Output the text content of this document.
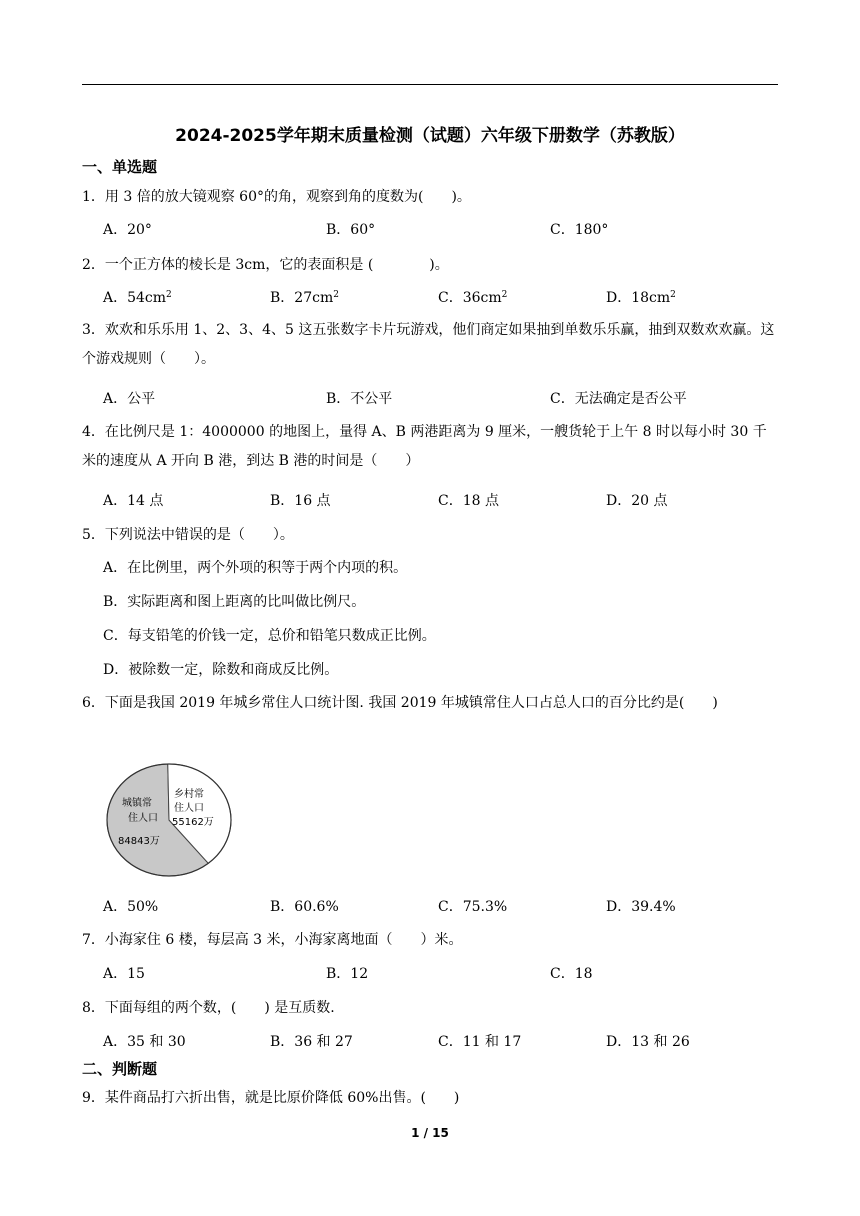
2024-2025学年期末质量检测（试题）六年级下册数学（苏教版）
一、单选题
1．用 3 倍的放大镜观察 60°的角，观察到角的度数为(　　)。
A．20°	B．60°	C．180°
2．一个正方体的棱长是 3cm，它的表面积是 (　　　　)。
A．$54cm^2$	B．$27cm^2$	C．$36cm^2$	D．$18cm^2$
3．欢欢和乐乐用 1、2、3、4、5 这五张数字卡片玩游戏，他们商定如果抽到单数乐乐赢，抽到双数欢欢赢。这个游戏规则（　　）。
A．公平	B．不公平	C．无法确定是否公平
4．在比例尺是 1：4000000 的地图上，量得 A、B 两港距离为 9 厘米，一艘货轮于上午 8 时以每小时 30 千米的速度从 A 开向 B 港，到达 B 港的时间是（　　）
A．14 点	B．16 点	C．18 点	D．20 点
5．下列说法中错误的是（　　）。
A．在比例里，两个外项的积等于两个内项的积。
B．实际距离和图上距离的比叫做比例尺。
C．每支铅笔的价钱一定，总价和铅笔只数成正比例。
D．被除数一定，除数和商成反比例。
6．下面是我国 2019 年城乡常住人口统计图. 我国 2019 年城镇常住人口占总人口的百分比约是(　　)
城镇常
住人口
84843万
乡村常
住人口
55162万
A．50%	B．60.6%	C．75.3%	D．39.4%
7．小海家住 6 楼，每层高 3 米，小海家离地面（　　）米。
A．15	B．12	C．18
8．下面每组的两个数，(　　) 是互质数.
A．35 和 30	B．36 和 27	C．11 和 17	D．13 和 26
二、判断题
9．某件商品打六折出售，就是比原价降低 60%出售。(　　)
1 / 15
